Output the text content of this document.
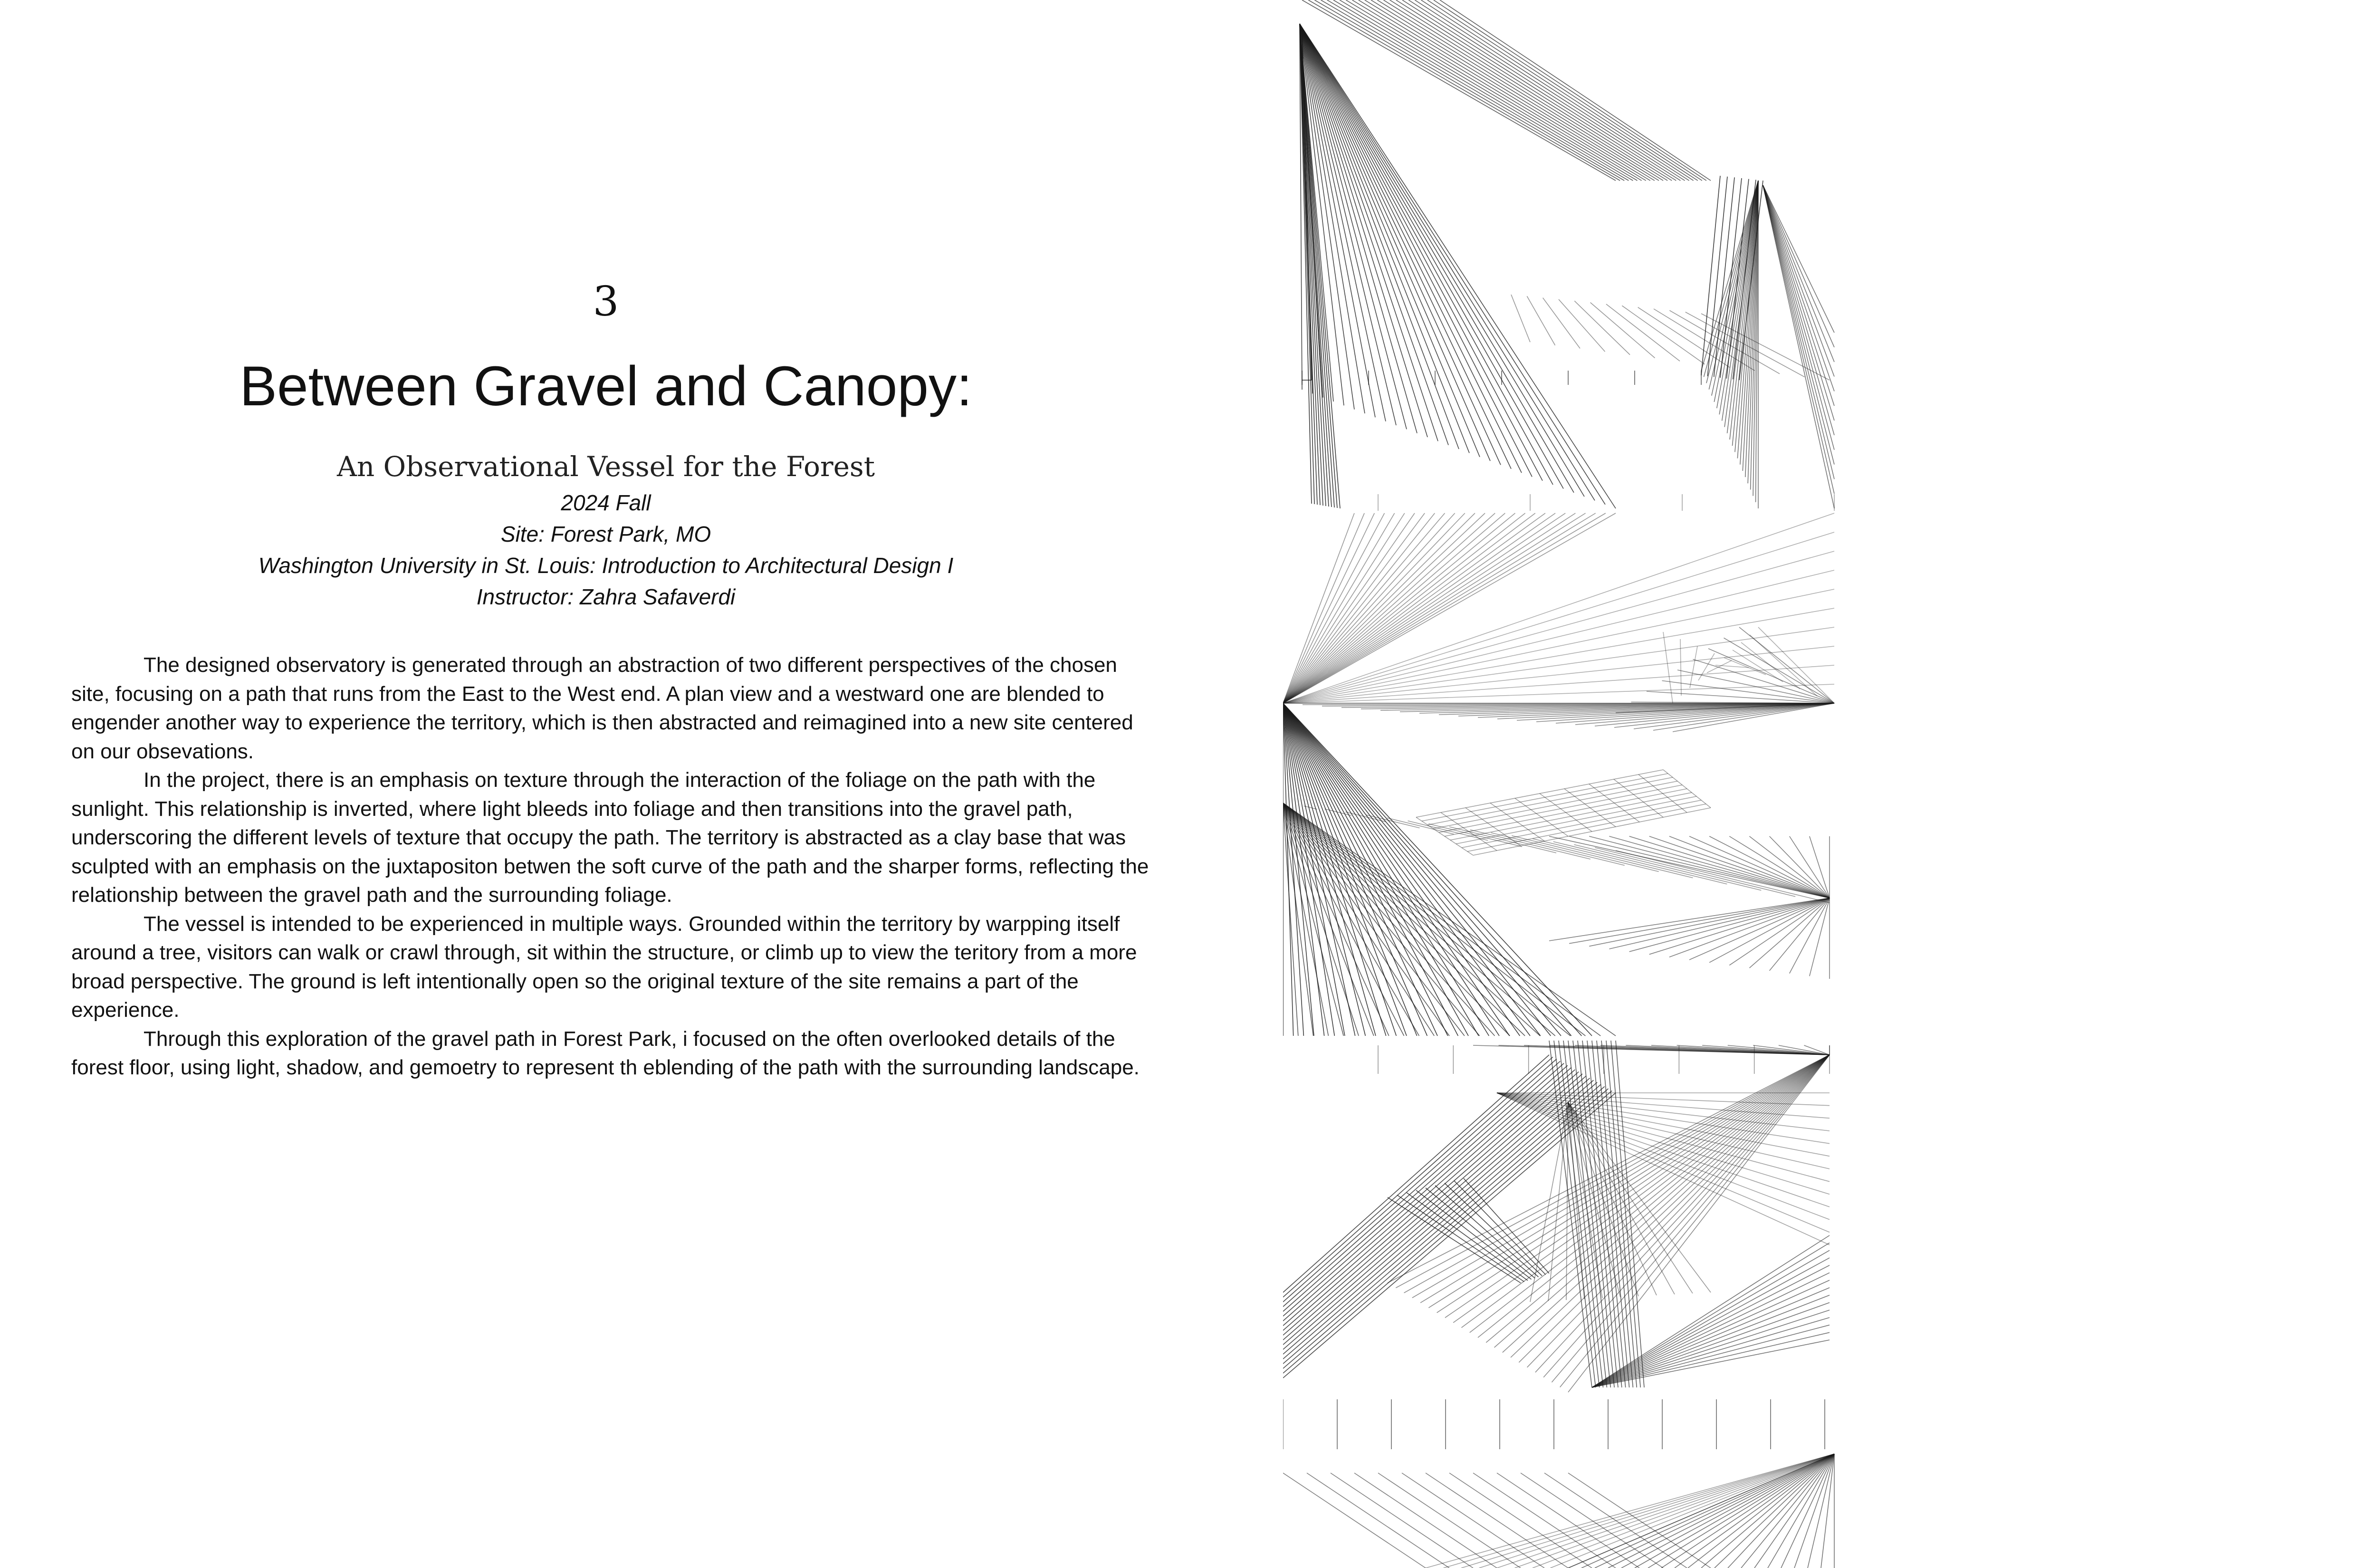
3
Between Gravel and Canopy:
An Observational Vessel for the Forest
2024 Fall
Site: Forest Park, MO
Washington University in St. Louis: Introduction to Architectural Design I
Instructor: Zahra Safaverdi

The designed observatory is generated through an abstraction of two different perspectives of the chosen site, focusing on a path that runs from the East to the West end. A plan view and a westward one are blended to engender another way to experience the territory, which is then abstracted and reimagined into a new site centered on our obsevations.

In the project, there is an emphasis on texture through the interaction of the foliage on the path with the sunlight. This relationship is inverted, where light bleeds into foliage and then transitions into the gravel path, underscoring the different levels of texture that occupy the path. The territory is abstracted as a clay base that was sculpted with an emphasis on the juxtapositon betwen the soft curve of the path and the sharper forms, reflecting the relationship between the gravel path and the surrounding foliage.

The vessel is intended to be experienced in multiple ways. Grounded within the territory by warpping itself around a tree, visitors can walk or crawl through, sit within the structure, or climb up to view the teritory from a more broad perspective. The ground is left intentionally open so the original texture of the site remains a part of the experience.

Through this exploration of the gravel path in Forest Park, i focused on the often overlooked details of the forest floor, using light, shadow, and gemoetry to represent th eblending of the path with the surrounding landscape.
